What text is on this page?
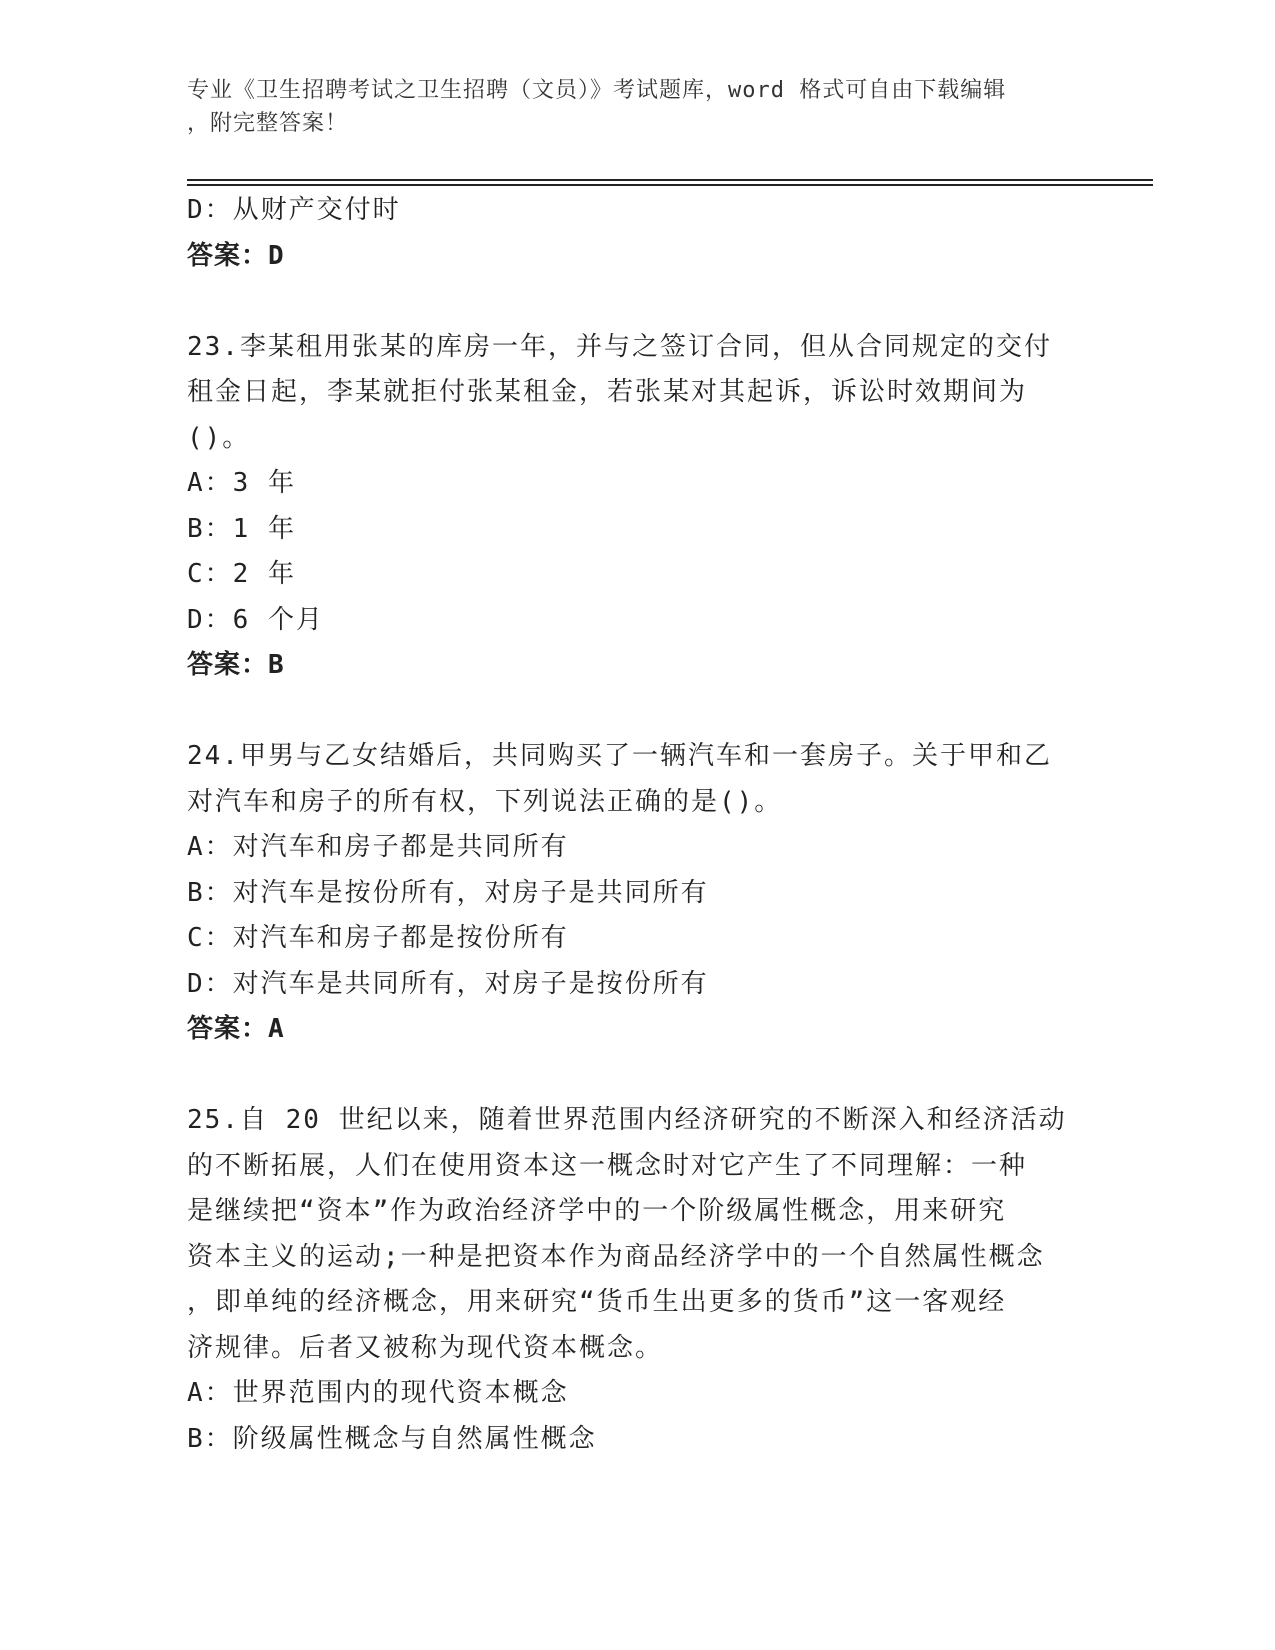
专业《卫生招聘考试之卫生招聘（文员）》考试题库，word 格式可自由下载编辑
，附完整答案！
D：从财产交付时
答案：D
23.李某租用张某的库房一年，并与之签订合同，但从合同规定的交付
租金日起，李某就拒付张某租金，若张某对其起诉，诉讼时效期间为
()。
A：3 年
B：1 年
C：2 年
D：6 个月
答案：B
24.甲男与乙女结婚后，共同购买了一辆汽车和一套房子。关于甲和乙
对汽车和房子的所有权，下列说法正确的是()。
A：对汽车和房子都是共同所有
B：对汽车是按份所有，对房子是共同所有
C：对汽车和房子都是按份所有
D：对汽车是共同所有，对房子是按份所有
答案：A
25.自 20 世纪以来，随着世界范围内经济研究的不断深入和经济活动
的不断拓展，人们在使用资本这一概念时对它产生了不同理解：一种
是继续把“资本”作为政治经济学中的一个阶级属性概念，用来研究
资本主义的运动;一种是把资本作为商品经济学中的一个自然属性概念
，即单纯的经济概念，用来研究“货币生出更多的货币”这一客观经
济规律。后者又被称为现代资本概念。
A：世界范围内的现代资本概念
B：阶级属性概念与自然属性概念
